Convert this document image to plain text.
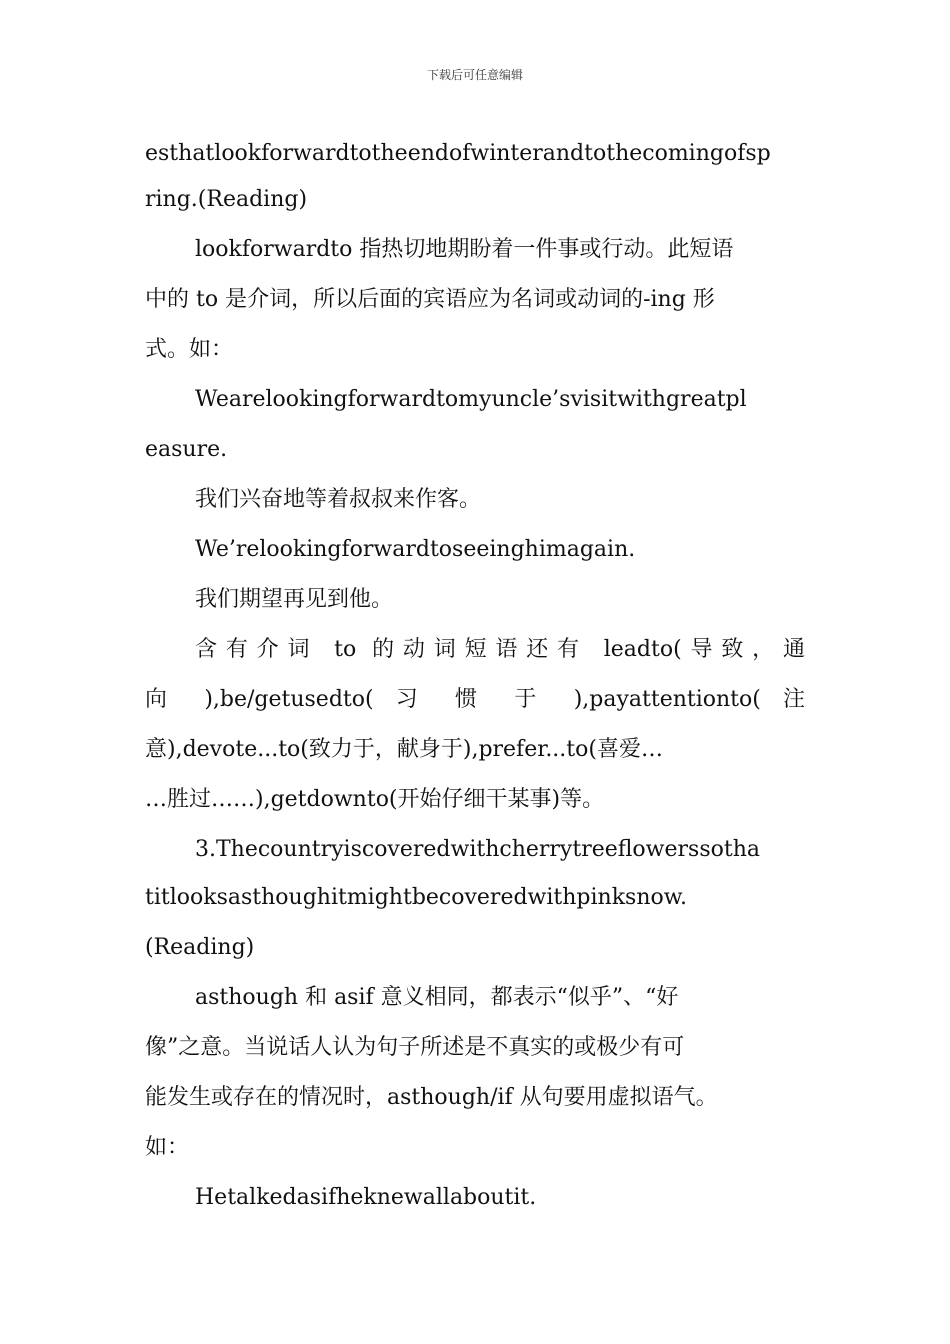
下载后可任意编辑
esthatlookforwardtotheendofwinterandtothecomingofsp
ring.(Reading)
lookforwardto 指热切地期盼着一件事或行动。此短语
中的 to 是介词，所以后面的宾语应为名词或动词的-ing 形
式。如：
Wearelookingforwardtomyuncle’svisitwithgreatpl
easure.
我们兴奋地等着叔叔来作客。
We’relookingforwardtoseeinghimagain.
我们期望再见到他。
含有介词 to 的动词短语还有 leadto(导致，通
向 ),be/getusedto( 习 惯 于 ),payattentionto( 注
意),devote...to(致力于，献身于),prefer...to(喜爱…
…胜过……),getdownto(开始仔细干某事)等。
3.Thecountryiscoveredwithcherrytreeflowerssotha
titlooksasthoughitmightbecoveredwithpinksnow.
(Reading)
asthough 和 asif 意义相同，都表示“似乎”、“好
像”之意。当说话人认为句子所述是不真实的或极少有可
能发生或存在的情况时，asthough/if 从句要用虚拟语气。
如：
Hetalkedasifheknewallaboutit.
